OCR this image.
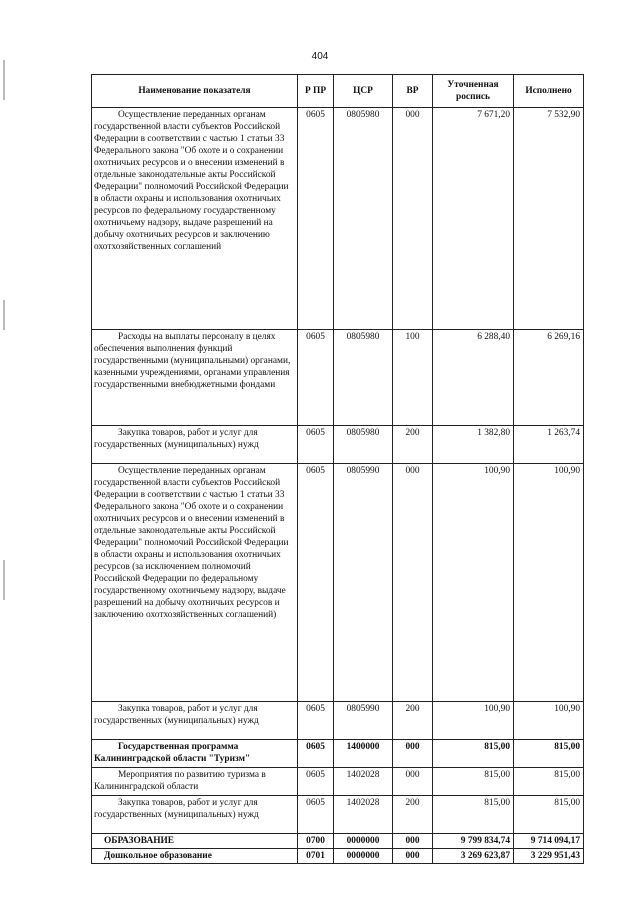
404
Наименование показателя	Р ПР	ЦСР	ВР	Уточненная роспись	Исполнено
Осуществление переданных органам государственной власти субъектов Российской Федерации в соответствии с частью 1 статьи 33 Федерального закона "Об охоте и о сохранении охотничьих ресурсов и о внесении изменений в отдельные законодательные акты Российской Федерации" полномочий Российской Федерации в области охраны и использования охотничьих ресурсов по федеральному государственному охотничьему надзору, выдаче разрешений на добычу охотничьих ресурсов и заключению охотхозяйственных соглашений	0605	0805980	000	7 671,20	7 532,90
Расходы на выплаты персоналу в целях обеспечения выполнения функций государственными (муниципальными) органами, казенными учреждениями, органами управления государственными внебюджетными фондами	0605	0805980	100	6 288,40	6 269,16
Закупка товаров, работ и услуг для государственных (муниципальных) нужд	0605	0805980	200	1 382,80	1 263,74
Осуществление переданных органам государственной власти субъектов Российской Федерации в соответствии с частью 1 статьи 33 Федерального закона "Об охоте и о сохранении охотничьих ресурсов и о внесении изменений в отдельные законодательные акты Российской Федерации" полномочий Российской Федерации в области охраны и использования охотничьих ресурсов (за исключением полномочий Российской Федерации по федеральному государственному охотничьему надзору, выдаче разрешений на добычу охотничьих ресурсов и заключению охотхозяйственных соглашений)	0605	0805990	000	100,90	100,90
Закупка товаров, работ и услуг для государственных (муниципальных) нужд	0605	0805990	200	100,90	100,90
Государственная программа Калининградской области "Туризм"	0605	1400000	000	815,00	815,00
Мероприятия по развитию туризма в Калининградской области	0605	1402028	000	815,00	815,00
Закупка товаров, работ и услуг для государственных (муниципальных) нужд	0605	1402028	200	815,00	815,00
ОБРАЗОВАНИЕ	0700	0000000	000	9 799 834,74	9 714 094,17
Дошкольное образование	0701	0000000	000	3 269 623,87	3 229 951,43
